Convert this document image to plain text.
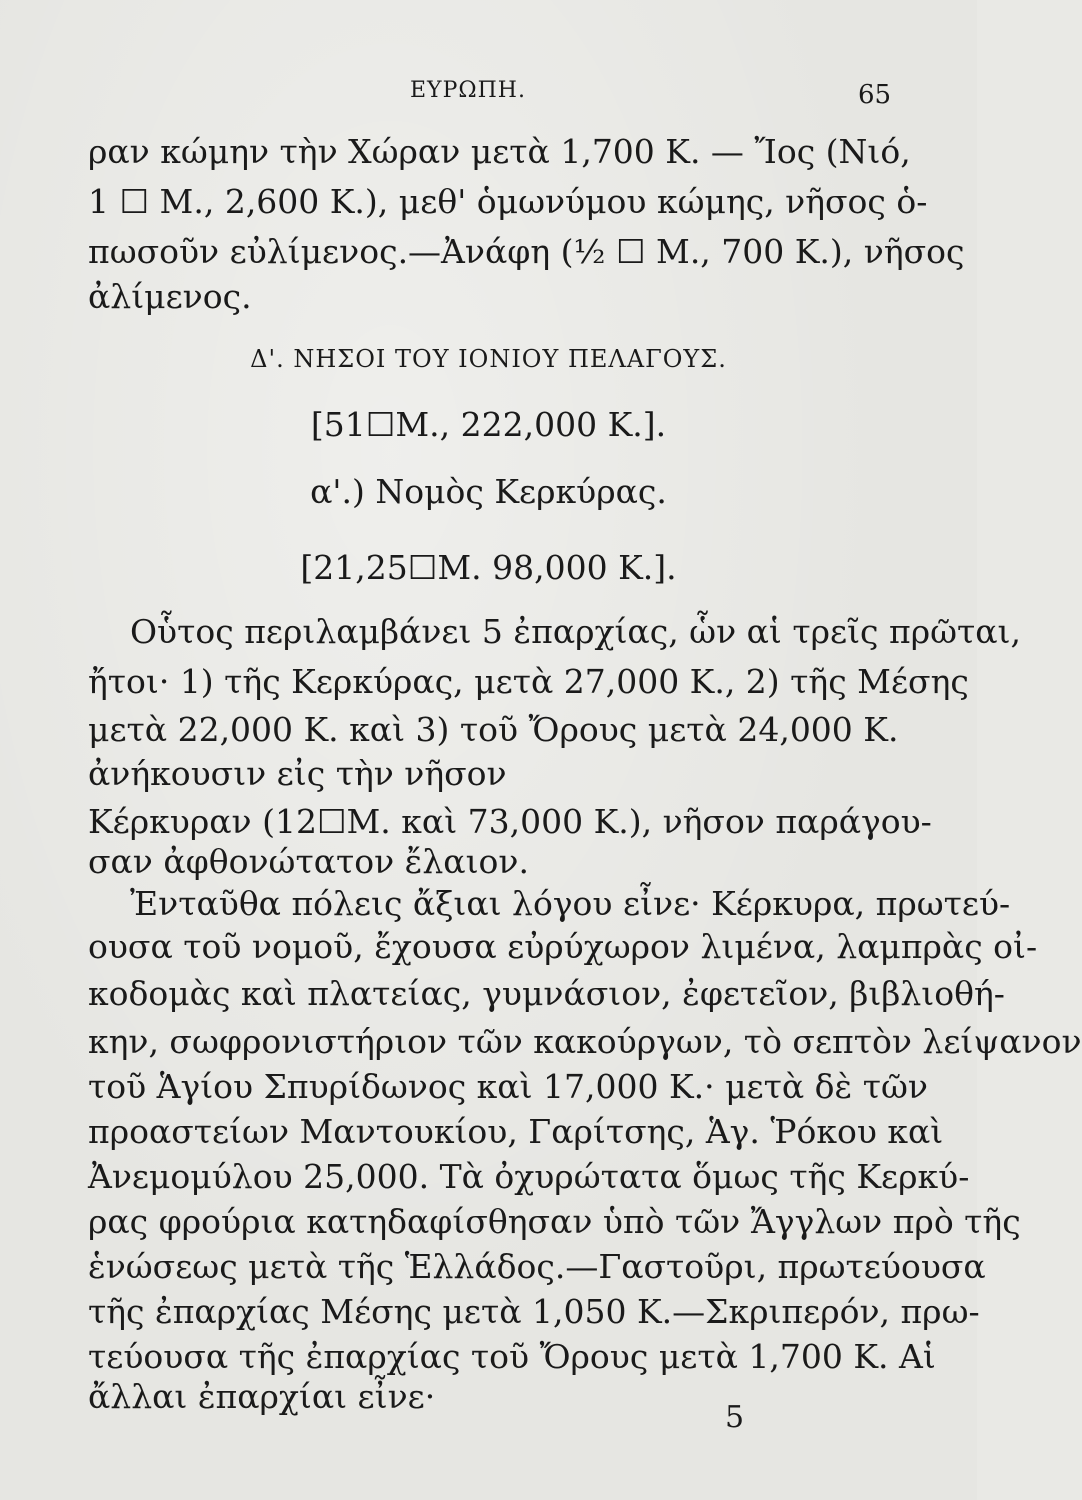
ΕΥΡΩΠΗ.	65
ραν κώμην τὴν Χώραν μετὰ 1,700 Κ. — Ἴος (Νιό,
1 ☐ Μ., 2,600 Κ.), μεθ' ὁμωνύμου κώμης, νῆσος ὁ-
πωσοῦν εὐλίμενος.—Ἀνάφη (½ ☐ Μ., 700 Κ.), νῆσος
ἀλίμενος.
Δ'. ΝΗΣΟΙ ΤΟΥ ΙΟΝΙΟΥ ΠΕΛΑΓΟΥΣ.
[51☐Μ., 222,000 Κ.].
α'.) Νομὸς Κερκύρας.
[21,25☐Μ. 98,000 Κ.].
Οὗτος περιλαμβάνει 5 ἐπαρχίας, ὧν αἱ τρεῖς πρῶται,
ἤτοι· 1) τῆς Κερκύρας, μετὰ 27,000 Κ., 2) τῆς Μέσης
μετὰ 22,000 Κ. καὶ 3) τοῦ Ὄρους μετὰ 24,000 Κ.
ἀνήκουσιν εἰς τὴν νῆσον
Κέρκυραν (12☐Μ. καὶ 73,000 Κ.), νῆσον παράγου-
σαν ἀφθονώτατον ἔλαιον.
Ἐνταῦθα πόλεις ἄξιαι λόγου εἶνε· Κέρκυρα, πρωτεύ-
ουσα τοῦ νομοῦ, ἔχουσα εὐρύχωρον λιμένα, λαμπρὰς οἰ-
κοδομὰς καὶ πλατείας, γυμνάσιον, ἐφετεῖον, βιβλιοθή-
κην, σωφρονιστήριον τῶν κακούργων, τὸ σεπτὸν λείψανον
τοῦ Ἁγίου Σπυρίδωνος καὶ 17,000 Κ.· μετὰ δὲ τῶν
προαστείων Μαντουκίου, Γαρίτσης, Ἁγ. Ῥόκου καὶ
Ἀνεμομύλου 25,000. Τὰ ὀχυρώτατα ὅμως τῆς Κερκύ-
ρας φρούρια κατηδαφίσθησαν ὑπὸ τῶν Ἄγγλων πρὸ τῆς
ἑνώσεως μετὰ τῆς Ἑλλάδος.—Γαστοῦρι, πρωτεύουσα
τῆς ἐπαρχίας Μέσης μετὰ 1,050 Κ.—Σκριπερόν, πρω-
τεύουσα τῆς ἐπαρχίας τοῦ Ὄρους μετὰ 1,700 Κ. Αἱ
ἄλλαι ἐπαρχίαι εἶνε·
5
